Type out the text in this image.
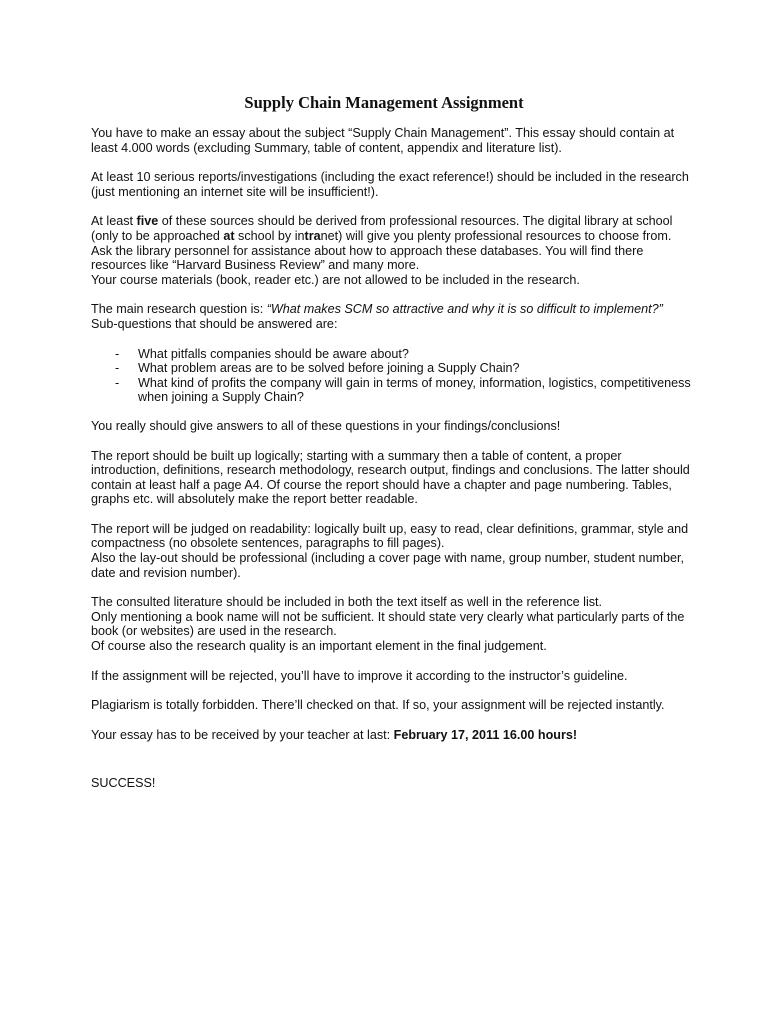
Supply Chain Management Assignment

You have to make an essay about the subject “Supply Chain Management”. This essay should contain at
least 4.000 words (excluding Summary, table of content, appendix and literature list).

At least 10 serious reports/investigations (including the exact reference!) should be included in the research
(just mentioning an internet site will be insufficient!).

At least five of these sources should be derived from professional resources. The digital library at school
(only to be approached at school by intranet) will give you plenty professional resources to choose from.
Ask the library personnel for assistance about how to approach these databases. You will find there
resources like “Harvard Business Review” and many more.
Your course materials (book, reader etc.) are not allowed to be included in the research.

The main research question is: “What makes SCM so attractive and why it is so difficult to implement?”
Sub-questions that should be answered are:

- What pitfalls companies should be aware about?
- What problem areas are to be solved before joining a Supply Chain?
- What kind of profits the company will gain in terms of money, information, logistics, competitiveness
when joining a Supply Chain?

You really should give answers to all of these questions in your findings/conclusions!

The report should be built up logically; starting with a summary then a table of content, a proper
introduction, definitions, research methodology, research output, findings and conclusions. The latter should
contain at least half a page A4. Of course the report should have a chapter and page numbering. Tables,
graphs etc. will absolutely make the report better readable.

The report will be judged on readability: logically built up, easy to read, clear definitions, grammar, style and
compactness (no obsolete sentences, paragraphs to fill pages).
Also the lay-out should be professional (including a cover page with name, group number, student number,
date and revision number).

The consulted literature should be included in both the text itself as well in the reference list.
Only mentioning a book name will not be sufficient. It should state very clearly what particularly parts of the
book (or websites) are used in the research.
Of course also the research quality is an important element in the final judgement.

If the assignment will be rejected, you’ll have to improve it according to the instructor’s guideline.

Plagiarism is totally forbidden. There’ll checked on that. If so, your assignment will be rejected instantly.

Your essay has to be received by your teacher at last: February 17, 2011 16.00 hours!

SUCCESS!
